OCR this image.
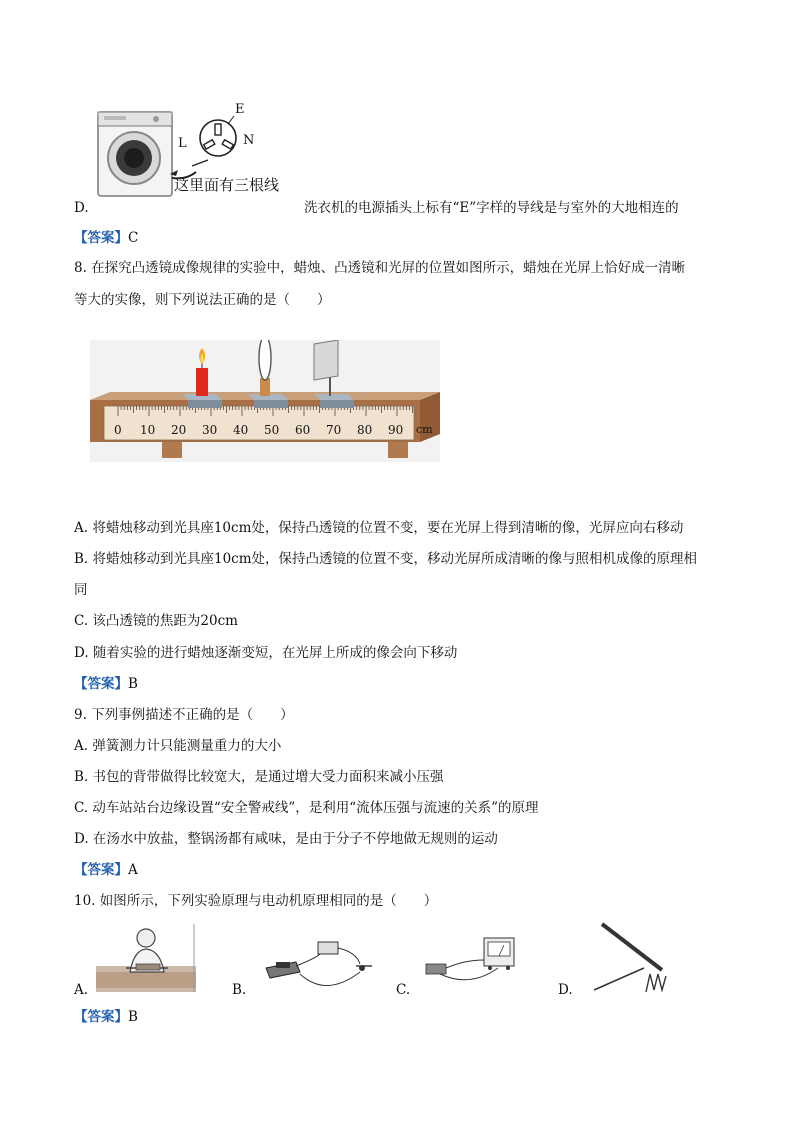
E
L	N
这里面有三根线
D.	洗衣机的电源插头上标有“E”字样的导线是与室外的大地相连的
【答案】C
8. 在探究凸透镜成像规律的实验中，蜡烛、凸透镜和光屏的位置如图所示，蜡烛在光屏上恰好成一清晰
等大的实像，则下列说法正确的是（　　）
0 10 20 30 40 50 60 70 80 90 cm
A. 将蜡烛移动到光具座10cm处，保持凸透镜的位置不变，要在光屏上得到清晰的像，光屏应向右移动
B. 将蜡烛移动到光具座10cm处，保持凸透镜的位置不变，移动光屏所成清晰的像与照相机成像的原理相
同
C. 该凸透镜的焦距为20cm
D. 随着实验的进行蜡烛逐渐变短，在光屏上所成的像会向下移动
【答案】B
9. 下列事例描述不正确的是（　　）
A. 弹簧测力计只能测量重力的大小
B. 书包的背带做得比较宽大，是通过增大受力面积来减小压强
C. 动车站站台边缘设置“安全警戒线”，是利用“流体压强与流速的关系”的原理
D. 在汤水中放盐，整锅汤都有咸味，是由于分子不停地做无规则的运动
【答案】A
10. 如图所示，下列实验原理与电动机原理相同的是（　　）
A.	B.	C.	D.
【答案】B
